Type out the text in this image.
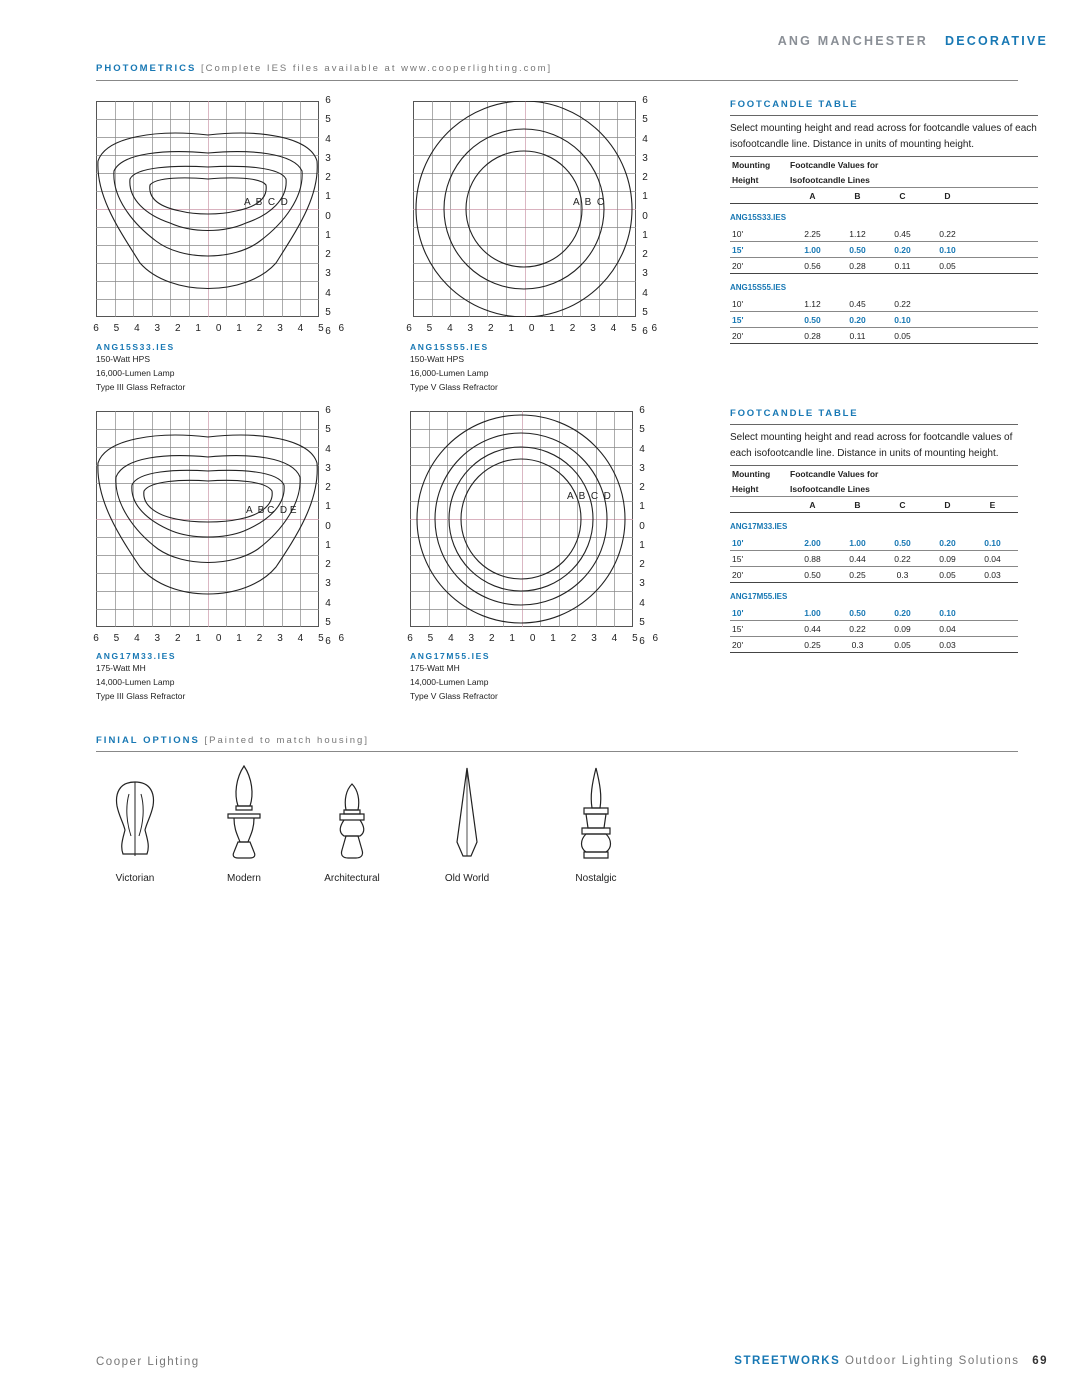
ANG MANCHESTER DECORATIVE
PHOTOMETRICS [Complete IES files available at www.cooperlighting.com]
6
5
4
3
2
1
0
1
2
3
4
5
6
6	5	4	3	2	1	0	1	2	3	4	5	6
A  B  C  D
6
5
4
3
2
1
0
1
2
3
4
5
6
6	5	4	3	2	1	0	1	2	3	4	5	6
A  B  C
6
5
4
3
2
1
0
1
2
3
4
5
6
6	5	4	3	2	1	0	1	2	3	4	5	6
A  B C  D E
6
5
4
3
2
1
0
1
2
3
4
5
6
6	5	4	3	2	1	0	1	2	3	4	5	6
A  B  C  D
ANG15S33.IES
150-Watt HPS
16,000-Lumen Lamp
Type III Glass Refractor
ANG15S55.IES
150-Watt HPS
16,000-Lumen Lamp
Type V Glass Refractor
ANG17M33.IES
175-Watt MH
14,000-Lumen Lamp
Type III Glass Refractor
ANG17M55.IES
175-Watt MH
14,000-Lumen Lamp
Type V Glass Refractor
FOOTCANDLE TABLE
Select mounting height and read across for footcandle values of each isofootcandle line. Distance in units of mounting height.
Mounting	Footcandle Values for
Height	Isofootcandle Lines
A	B	C	D
ANG15S33.IES
10'	2.25	1.12	0.45	0.22
15'	1.00	0.50	0.20	0.10
20'	0.56	0.28	0.11	0.05
ANG15S55.IES
10'	1.12	0.45	0.22
15'	0.50	0.20	0.10
20'	0.28	0.11	0.05
FOOTCANDLE TABLE
Select mounting height and read across for footcandle values of each isofootcandle line. Distance in units of mounting height.
Mounting	Footcandle Values for
Height	Isofootcandle Lines
A	B	C	D	E
ANG17M33.IES
10'	2.00	1.00	0.50	0.20	0.10
15'	0.88	0.44	0.22	0.09	0.04
20'	0.50	0.25	0.3	0.05	0.03
ANG17M55.IES
10'	1.00	0.50	0.20	0.10
15'	0.44	0.22	0.09	0.04
20'	0.25	0.3	0.05	0.03
FINIAL OPTIONS [Painted to match housing]
Victorian	Modern	Architectural	Old World	Nostalgic
Cooper Lighting	STREETWORKS Outdoor Lighting Solutions 69
